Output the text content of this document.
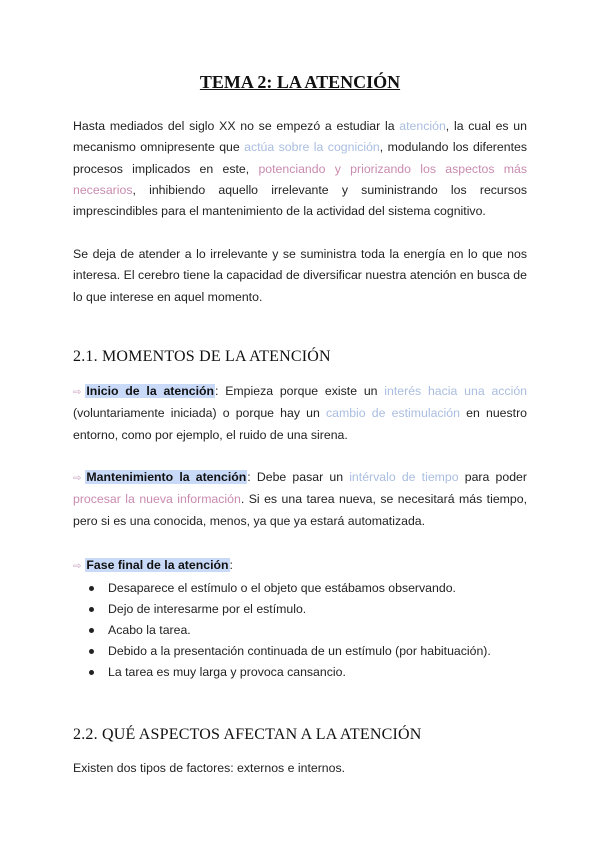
TEMA 2: LA ATENCIÓN

Hasta mediados del siglo XX no se empezó a estudiar la atención, la cual es un mecanismo omnipresente que actúa sobre la cognición, modulando los diferentes procesos implicados en este, potenciando y priorizando los aspectos más necesarios, inhibiendo aquello irrelevante y suministrando los recursos imprescindibles para el mantenimiento de la actividad del sistema cognitivo.

Se deja de atender a lo irrelevante y se suministra toda la energía en lo que nos interesa. El cerebro tiene la capacidad de diversificar nuestra atención en busca de lo que interese en aquel momento.

2.1. MOMENTOS DE LA ATENCIÓN

⇨ Inicio de la atención: Empieza porque existe un interés hacia una acción (voluntariamente iniciada) o porque hay un cambio de estimulación en nuestro entorno, como por ejemplo, el ruido de una sirena.

⇨ Mantenimiento la atención: Debe pasar un intérvalo de tiempo para poder procesar la nueva información. Si es una tarea nueva, se necesitará más tiempo, pero si es una conocida, menos, ya que ya estará automatizada.

⇨ Fase final de la atención:

Desaparece el estímulo o el objeto que estábamos observando.
Dejo de interesarme por el estímulo.
Acabo la tarea.
Debido a la presentación continuada de un estímulo (por habituación).
La tarea es muy larga y provoca cansancio.
2.2. QUÉ ASPECTOS AFECTAN A LA ATENCIÓN

Existen dos tipos de factores: externos e internos.
